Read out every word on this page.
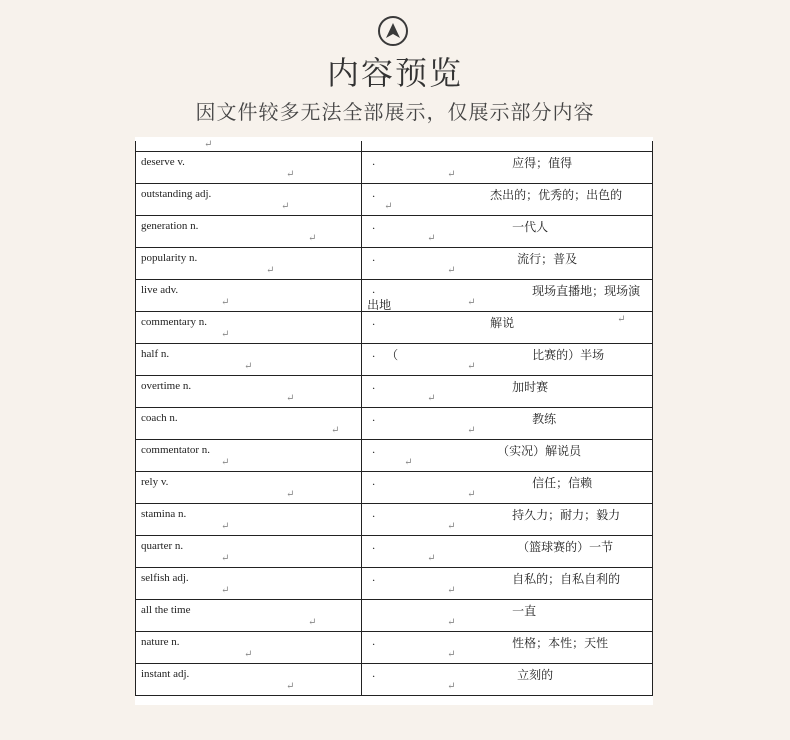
内容预览
因文件较多无法全部展示，仅展示部分内容
↵	

deserve v.
↵	. 应得；值得
↵

outstanding adj.
↵	. 杰出的；优秀的；出色的
↵

generation n.
↵	. 一代人
↵

popularity n.
↵	. 流行；普及
↵

live adv.
↵	. 现场直播地；现场演
出地 ↵

commentary n.
↵	. 解说 ↵

half n.
↵	. （ 比赛的）半场
↵

overtime n.
↵	. 加时赛
↵

coach n.
↵	. 教练
↵

commentator n.
↵	. （实况）解说员
↵

rely v.
↵	. 信任；信赖
↵

stamina n.
↵	. 持久力；耐力；毅力
↵

quarter n.
↵	. （篮球赛的）一节
↵

selfish adj.
↵	. 自私的；自私自利的
↵

all the time
↵	一直
↵

nature n.
↵	. 性格；本性；天性
↵

instant adj.
↵	. 立刻的
↵
